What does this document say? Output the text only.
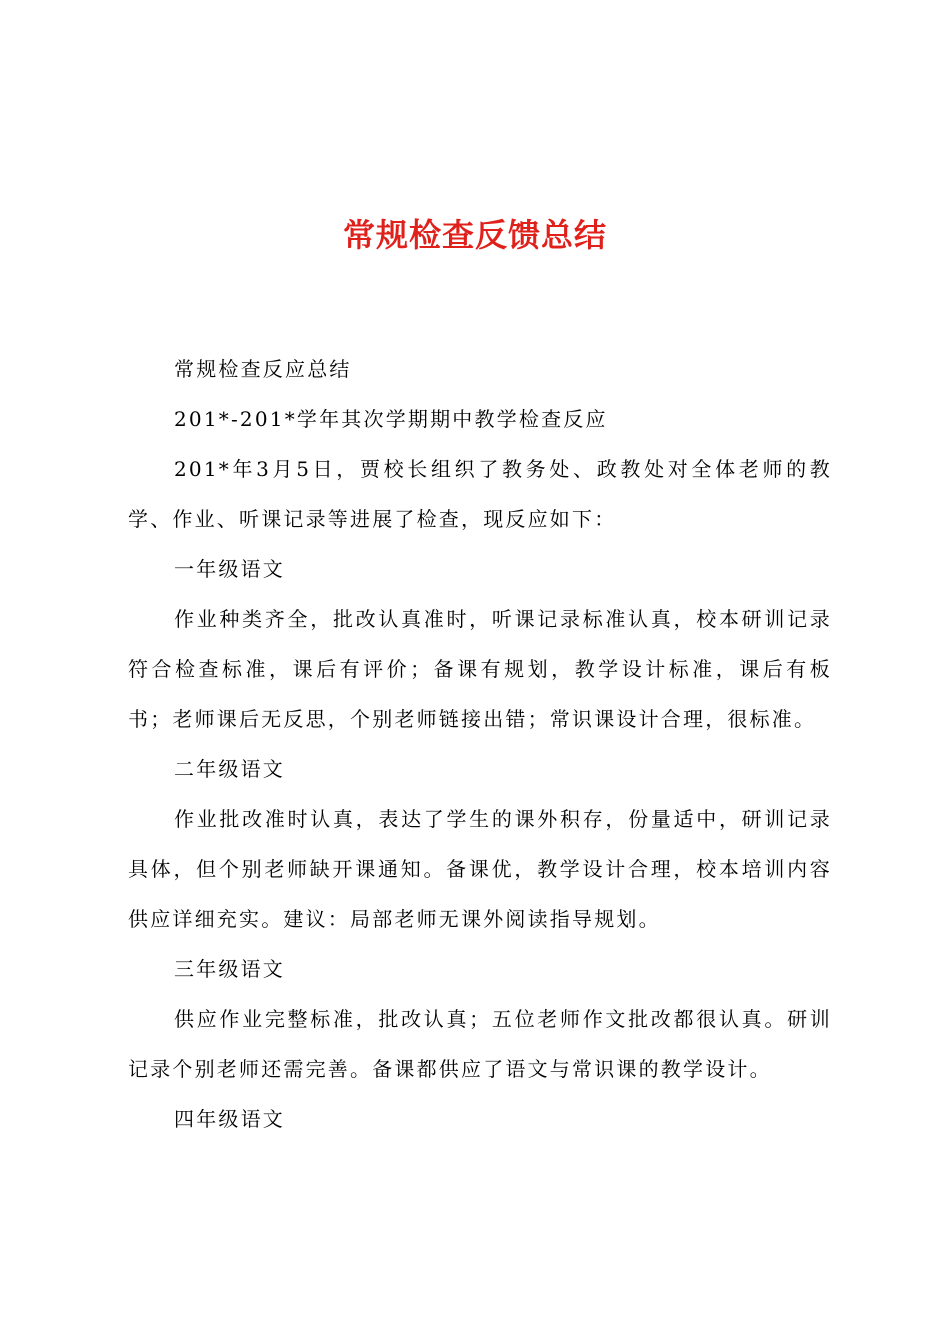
常规检查反馈总结

常规检查反应总结

201*-201*学年其次学期期中教学检查反应

201*年3月5日，贾校长组织了教务处、政教处对全体老师的教学、作业、听课记录等进展了检查，现反应如下：

一年级语文

作业种类齐全，批改认真准时，听课记录标准认真，校本研训记录符合检查标准，课后有评价；备课有规划，教学设计标准，课后有板书；老师课后无反思，个别老师链接出错；常识课设计合理，很标准。

二年级语文

作业批改准时认真，表达了学生的课外积存，份量适中，研训记录具体，但个别老师缺开课通知。备课优，教学设计合理，校本培训内容供应详细充实。建议：局部老师无课外阅读指导规划。

三年级语文

供应作业完整标准，批改认真；五位老师作文批改都很认真。研训记录个别老师还需完善。备课都供应了语文与常识课的教学设计。

四年级语文
